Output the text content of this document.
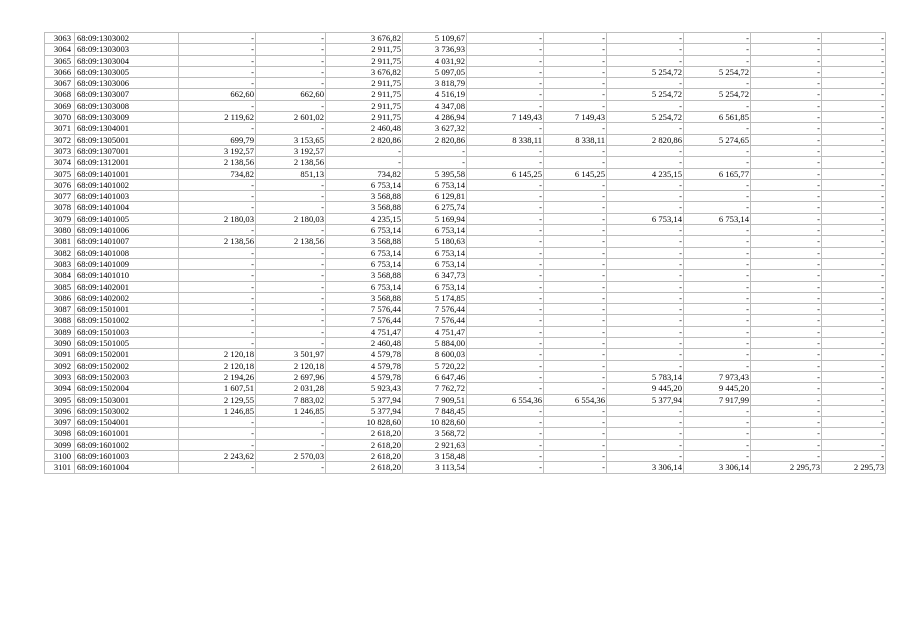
3063	68:09:1303002	-	-	3 676,82	5 109,67	-	-	-	-	-	-
3064	68:09:1303003	-	-	2 911,75	3 736,93	-	-	-	-	-	-
3065	68:09:1303004	-	-	2 911,75	4 031,92	-	-	-	-	-	-
3066	68:09:1303005	-	-	3 676,82	5 097,05	-	-	5 254,72	5 254,72	-	-
3067	68:09:1303006	-	-	2 911,75	3 818,79	-	-	-	-	-	-
3068	68:09:1303007	662,60	662,60	2 911,75	4 516,19	-	-	5 254,72	5 254,72	-	-
3069	68:09:1303008	-	-	2 911,75	4 347,08	-	-	-	-	-	-
3070	68:09:1303009	2 119,62	2 601,02	2 911,75	4 286,94	7 149,43	7 149,43	5 254,72	6 561,85	-	-
3071	68:09:1304001	-	-	2 460,48	3 627,32	-	-	-	-	-	-
3072	68:09:1305001	699,79	3 153,65	2 820,86	2 820,86	8 338,11	8 338,11	2 820,86	5 274,65	-	-
3073	68:09:1307001	3 192,57	3 192,57	-	-	-	-	-	-	-	-
3074	68:09:1312001	2 138,56	2 138,56	-	-	-	-	-	-	-	-
3075	68:09:1401001	734,82	851,13	734,82	5 395,58	6 145,25	6 145,25	4 235,15	6 165,77	-	-
3076	68:09:1401002	-	-	6 753,14	6 753,14	-	-	-	-	-	-
3077	68:09:1401003	-	-	3 568,88	6 129,81	-	-	-	-	-	-
3078	68:09:1401004	-	-	3 568,88	6 275,74	-	-	-	-	-	-
3079	68:09:1401005	2 180,03	2 180,03	4 235,15	5 169,94	-	-	6 753,14	6 753,14	-	-
3080	68:09:1401006	-	-	6 753,14	6 753,14	-	-	-	-	-	-
3081	68:09:1401007	2 138,56	2 138,56	3 568,88	5 180,63	-	-	-	-	-	-
3082	68:09:1401008	-	-	6 753,14	6 753,14	-	-	-	-	-	-
3083	68:09:1401009	-	-	6 753,14	6 753,14	-	-	-	-	-	-
3084	68:09:1401010	-	-	3 568,88	6 347,73	-	-	-	-	-	-
3085	68:09:1402001	-	-	6 753,14	6 753,14	-	-	-	-	-	-
3086	68:09:1402002	-	-	3 568,88	5 174,85	-	-	-	-	-	-
3087	68:09:1501001	-	-	7 576,44	7 576,44	-	-	-	-	-	-
3088	68:09:1501002	-	-	7 576,44	7 576,44	-	-	-	-	-	-
3089	68:09:1501003	-	-	4 751,47	4 751,47	-	-	-	-	-	-
3090	68:09:1501005	-	-	2 460,48	5 884,00	-	-	-	-	-	-
3091	68:09:1502001	2 120,18	3 501,97	4 579,78	8 600,03	-	-	-	-	-	-
3092	68:09:1502002	2 120,18	2 120,18	4 579,78	5 720,22	-	-	-	-	-	-
3093	68:09:1502003	2 194,26	2 697,96	4 579,78	6 647,46	-	-	5 783,14	7 973,43	-	-
3094	68:09:1502004	1 607,51	2 031,28	5 923,43	7 762,72	-	-	9 445,20	9 445,20	-	-
3095	68:09:1503001	2 129,55	7 883,02	5 377,94	7 909,51	6 554,36	6 554,36	5 377,94	7 917,99	-	-
3096	68:09:1503002	1 246,85	1 246,85	5 377,94	7 848,45	-	-	-	-	-	-
3097	68:09:1504001	-	-	10 828,60	10 828,60	-	-	-	-	-	-
3098	68:09:1601001	-	-	2 618,20	3 568,72	-	-	-	-	-	-
3099	68:09:1601002	-	-	2 618,20	2 921,63	-	-	-	-	-	-
3100	68:09:1601003	2 243,62	2 570,03	2 618,20	3 158,48	-	-	-	-	-	-
3101	68:09:1601004	-	-	2 618,20	3 113,54	-	-	3 306,14	3 306,14	2 295,73	2 295,73
